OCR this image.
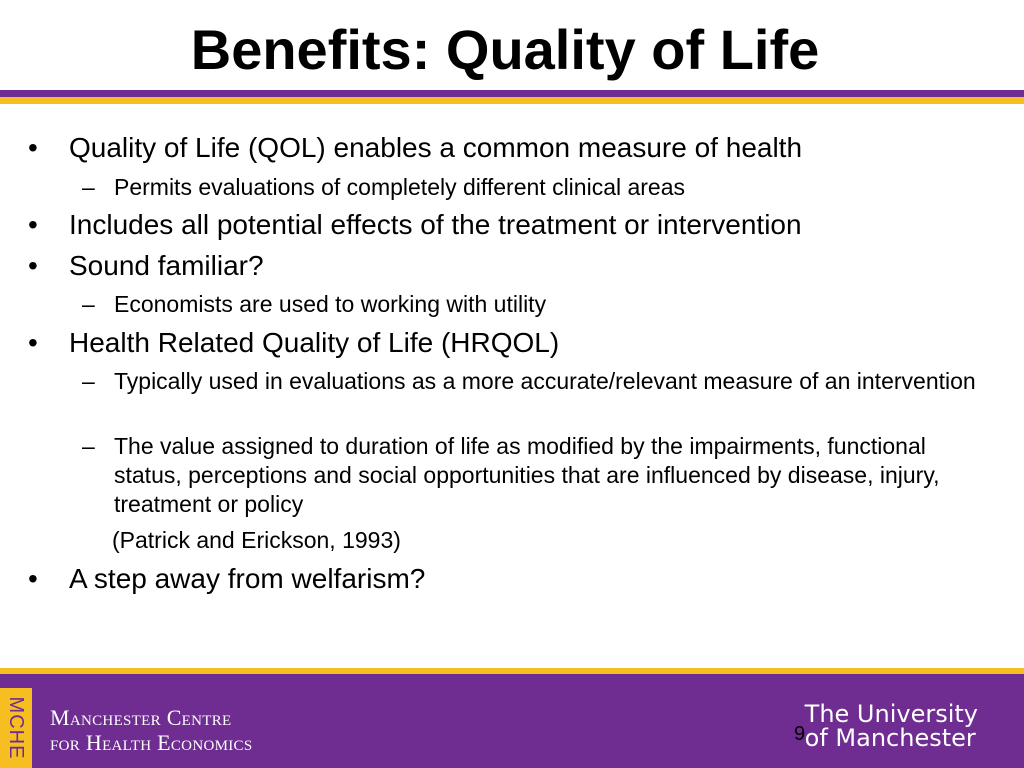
Benefits: Quality of Life
•	Quality of Life (QOL) enables a common measure of health
– Permits evaluations of completely different clinical areas
•	Includes all potential effects of the treatment or intervention
•	Sound familiar?
– Economists are used to working with utility
•	Health Related Quality of Life (HRQOL)
– Typically used in evaluations as a more accurate/relevant measure of an intervention
– The value assigned to duration of life as modified by the impairments, functional status, perceptions and social opportunities that are influenced by disease, injury, treatment or policy
(Patrick and Erickson, 1993)
•	A step away from welfarism?
MCHE Manchester Centre
for Health Economics	9
The University
of Manchester
